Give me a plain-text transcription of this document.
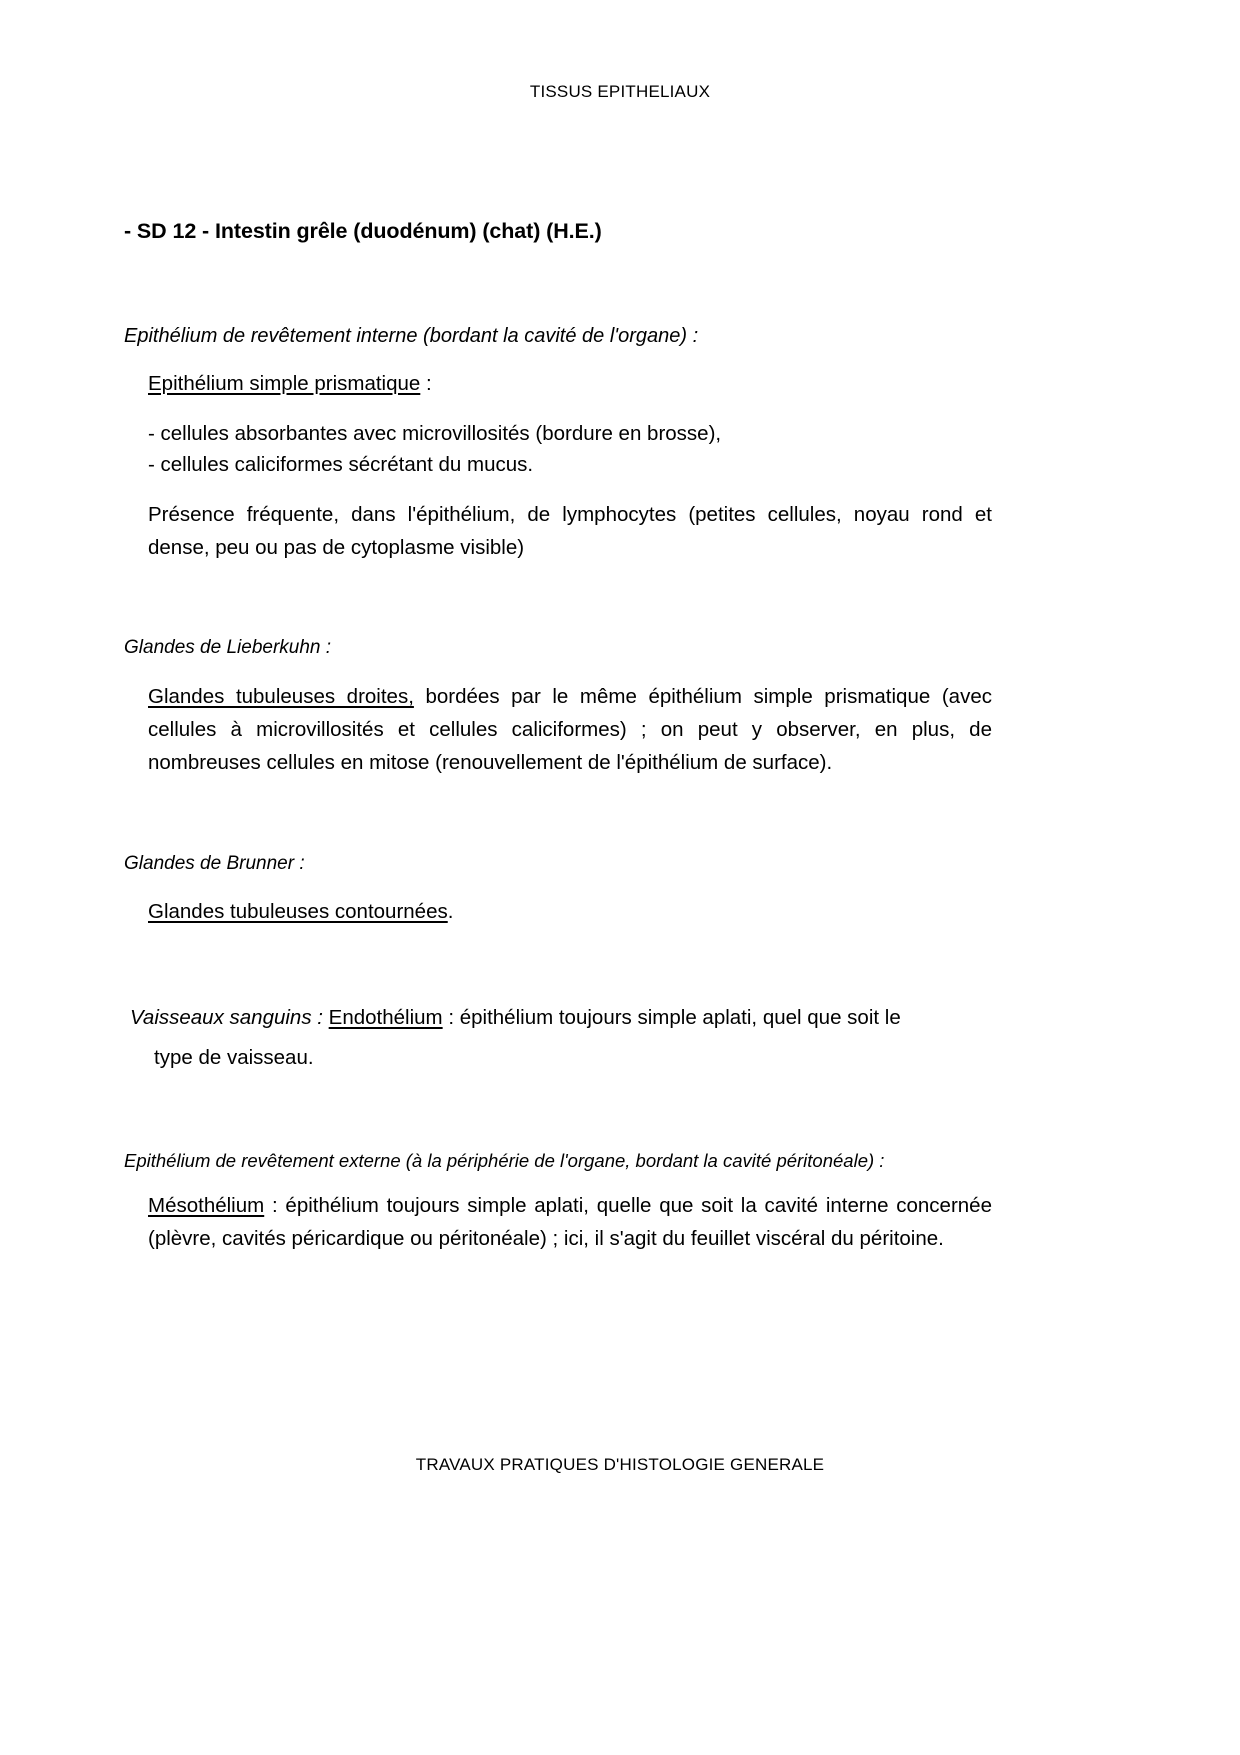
TISSUS EPITHELIAUX
- SD 12 - Intestin grêle (duodénum) (chat) (H.E.)
Epithélium de revêtement interne (bordant la cavité de l'organe) :
Epithélium simple prismatique :
- cellules absorbantes avec microvillosités (bordure en brosse),
- cellules caliciformes sécrétant du mucus.
Présence fréquente, dans l'épithélium, de lymphocytes (petites cellules, noyau rond et dense, peu ou pas de cytoplasme visible)
Glandes de Lieberkuhn :
Glandes tubuleuses droites, bordées par le même épithélium simple prismatique (avec cellules à microvillosités et cellules caliciformes) ; on peut y observer, en plus, de nombreuses cellules en mitose (renouvellement de l'épithélium de surface).
Glandes de Brunner :
Glandes tubuleuses contournées.
Vaisseaux sanguins : Endothélium : épithélium toujours simple aplati, quel que soit le
type de vaisseau.
Epithélium de revêtement externe (à la périphérie de l'organe, bordant la cavité péritonéale) :
Mésothélium : épithélium toujours simple aplati, quelle que soit la cavité interne concernée (plèvre, cavités péricardique ou péritonéale) ; ici, il s'agit du feuillet viscéral du péritoine.
TRAVAUX PRATIQUES D'HISTOLOGIE GENERALE
